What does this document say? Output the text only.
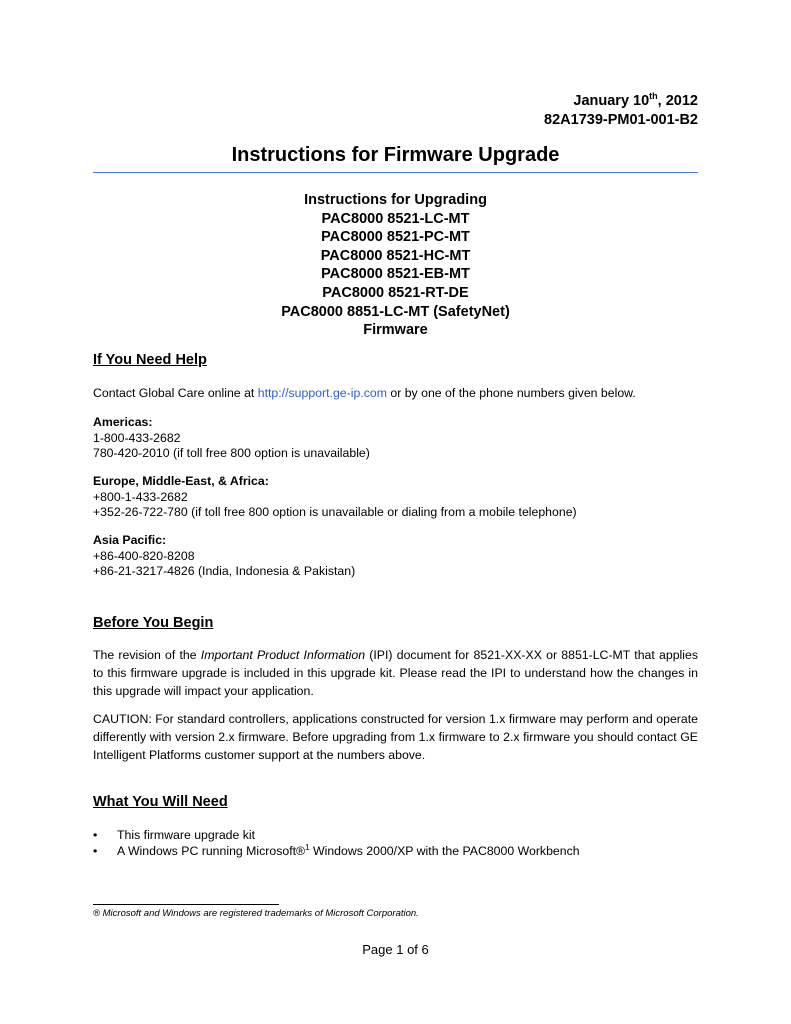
January 10th, 2012
82A1739-PM01-001-B2
Instructions for Firmware Upgrade
Instructions for Upgrading
PAC8000 8521-LC-MT
PAC8000 8521-PC-MT
PAC8000 8521-HC-MT
PAC8000 8521-EB-MT
PAC8000 8521-RT-DE
PAC8000 8851-LC-MT (SafetyNet)
Firmware
If You Need Help
Contact Global Care online at http://support.ge-ip.com or by one of the phone numbers given below.
Americas:
1-800-433-2682
780-420-2010 (if toll free 800 option is unavailable)
Europe, Middle-East, & Africa:
+800-1-433-2682
+352-26-722-780 (if toll free 800 option is unavailable or dialing from a mobile telephone)
Asia Pacific:
+86-400-820-8208
+86-21-3217-4826 (India, Indonesia & Pakistan)
Before You Begin
The revision of the Important Product Information (IPI) document for 8521-XX-XX or 8851-LC-MT that applies to this firmware upgrade is included in this upgrade kit. Please read the IPI to understand how the changes in this upgrade will impact your application.
CAUTION: For standard controllers, applications constructed for version 1.x firmware may perform and operate differently with version 2.x firmware. Before upgrading from 1.x firmware to 2.x firmware you should contact GE Intelligent Platforms customer support at the numbers above.
What You Will Need
• This firmware upgrade kit
• A Windows PC running Microsoft®$^1$ Windows 2000/XP with the PAC8000 Workbench
® Microsoft and Windows are registered trademarks of Microsoft Corporation.
Page 1 of 6
